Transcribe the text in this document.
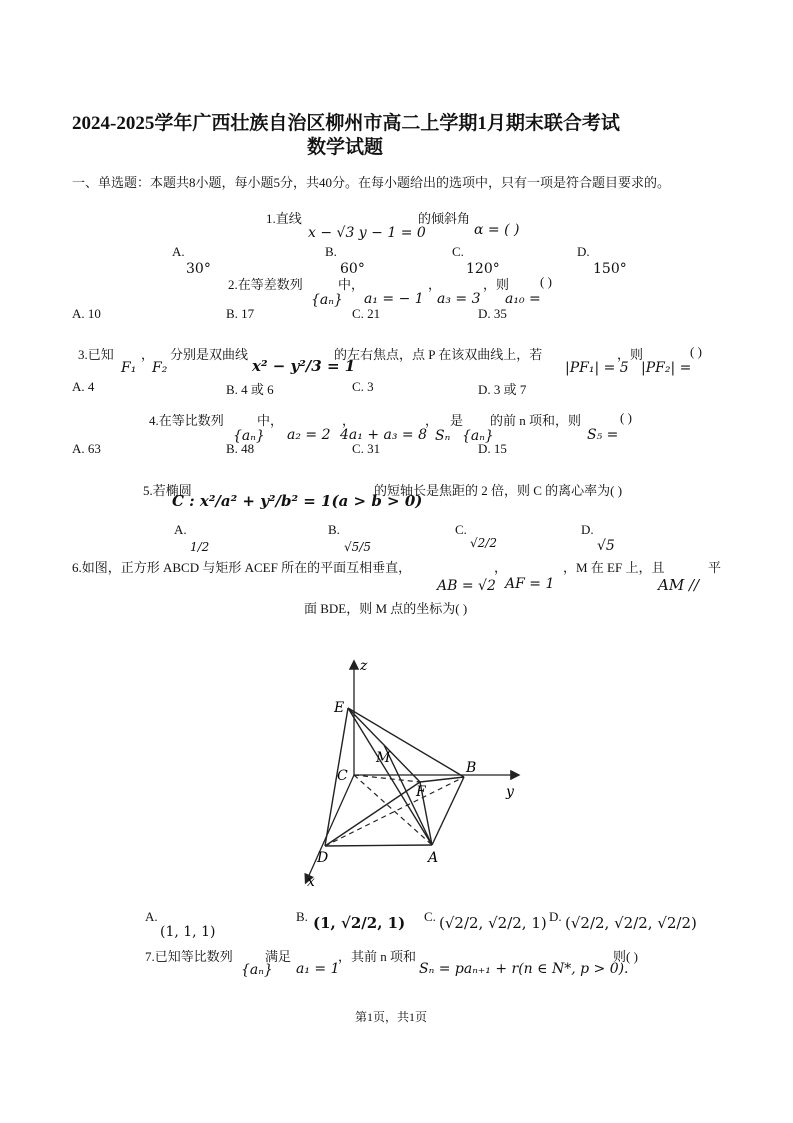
2024-2025学年广西壮族自治区柳州市高二上学期1月期末联合考试
数学试题
一、单选题：本题共8小题，每小题5分，共40分。在每小题给出的选项中，只有一项是符合题目要求的。
1.直线	的倾斜角
x − √3 y − 1 = 0	α = ( )
A.	B.	C.	D.
30°	60°	120°	150°
2.在等差数列	中，	，	，则 ( )
{aₙ} a₁ = − 1 a₃ = 3 a₁₀ =
A. 10	B. 17	C. 21	D. 35
3.已知 ， 分别是双曲线	的左右焦点，点 P 在该双曲线上，若	，则	( )
F₁ F₂	x² − y²/3 = 1	|PF₁| = 5 |PF₂| =
A. 4	B. 4 或 6	C. 3	D. 3 或 7
4.在等比数列	中，	，	， 是 的前 n 项和，则	( )
{aₙ} a₂ = 2 4a₁ + a₃ = 8 Sₙ {aₙ}	S₅ =
A. 63	B. 48	C. 31	D. 15
5.若椭圆
C : x²/a² + y²/b² = 1(a > b > 0)
的短轴长是焦距的 2 倍，则 C 的离心率为( )
A.	B.	C.	D.
1/2	√5/5	√2/2	√5
6.如图，正方形 ABCD 与矩形 ACEF 所在的平面互相垂直，	，	，M 在 EF 上，且	平
AB = √2 AF = 1	AM //
面 BDE，则 M 点的坐标为( )
z
y
x
E
B
C
M
F
D	A
A.
(1, 1, 1)
B. (1, √2/2, 1) C. (√2/2, √2/2, 1) D. (√2/2, √2/2, √2/2)
7.已知等比数列 满足	，其前 n 项和	则( )
{aₙ} a₁ = 1	Sₙ = paₙ₊₁ + r(n ∈ N*, p > 0).
第1页，共1页
